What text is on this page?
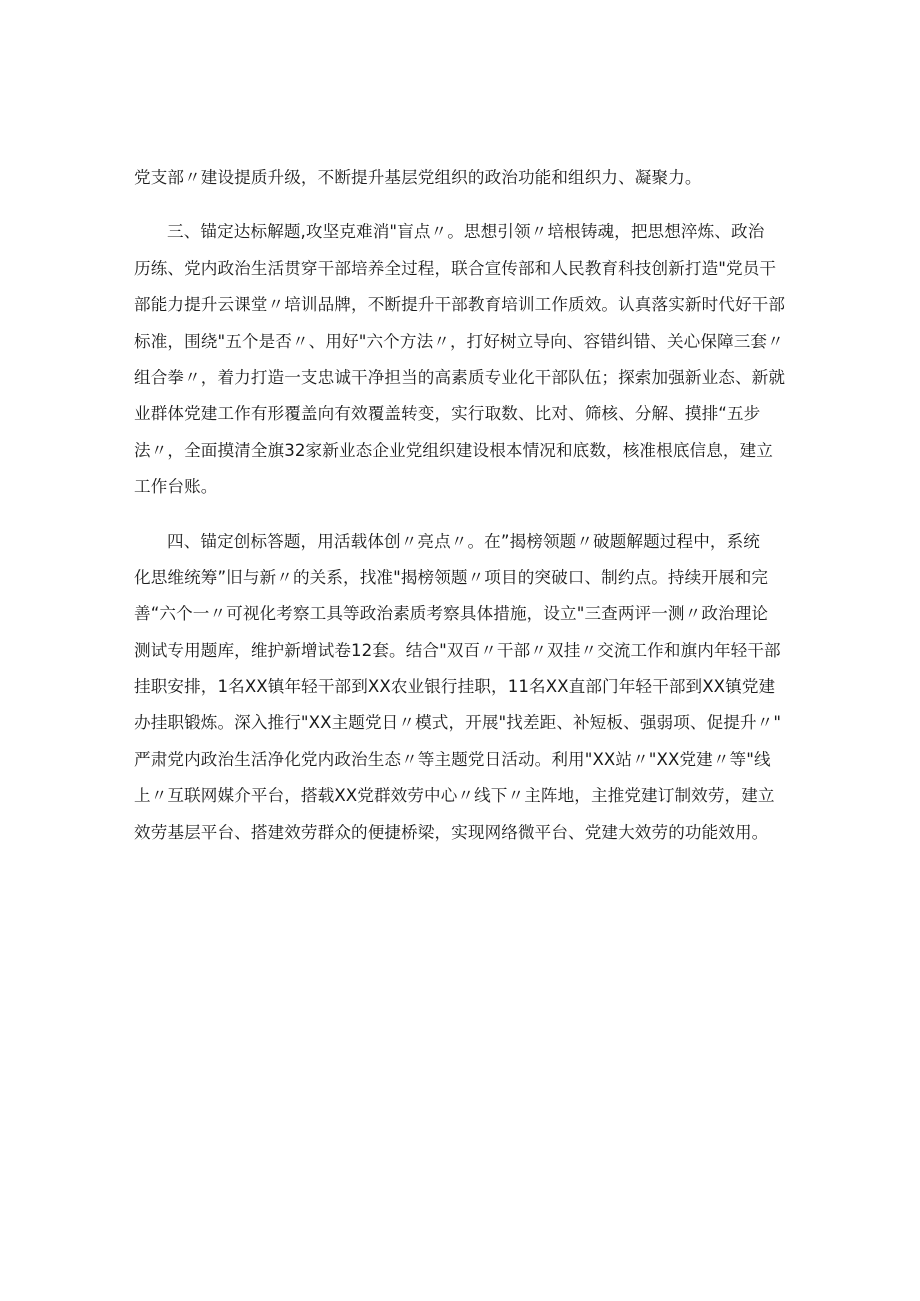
党支部〃建设提质升级，不断提升基层党组织的政治功能和组织力、凝聚力。
三、锚定达标解题,攻坚克难消"盲点〃。思想引领〃培根铸魂，把思想淬炼、政治
历练、党内政治生活贯穿干部培养全过程，联合宣传部和人民教育科技创新打造"党员干
部能力提升云课堂〃培训品牌，不断提升干部教育培训工作质效。认真落实新时代好干部
标准，围绕"五个是否〃、用好"六个方法〃，打好树立导向、容错纠错、关心保障三套〃
组合拳〃，着力打造一支忠诚干净担当的高素质专业化干部队伍；探索加强新业态、新就
业群体党建工作有形覆盖向有效覆盖转变，实行取数、比对、筛核、分解、摸排“五步
法〃，全面摸清全旗32家新业态企业党组织建设根本情况和底数，核准根底信息，建立
工作台账。
四、锚定创标答题，用活载体创〃亮点〃。在”揭榜领题〃破题解题过程中，系统
化思维统筹”旧与新〃的关系，找准"揭榜领题〃项目的突破口、制约点。持续开展和完
善“六个一〃可视化考察工具等政治素质考察具体措施，设立"三查两评一测〃政治理论
测试专用题库，维护新增试卷12套。结合"双百〃干部〃双挂〃交流工作和旗内年轻干部
挂职安排，1名XX镇年轻干部到XX农业银行挂职，11名XX直部门年轻干部到XX镇党建
办挂职锻炼。深入推行"XX主题党日〃模式，开展"找差距、补短板、强弱项、促提升〃"
严肃党内政治生活净化党内政治生态〃等主题党日活动。利用"XX站〃"XX党建〃等"线
上〃互联网媒介平台，搭载XX党群效劳中心〃线下〃主阵地，主推党建订制效劳，建立
效劳基层平台、搭建效劳群众的便捷桥梁，实现网络微平台、党建大效劳的功能效用。
